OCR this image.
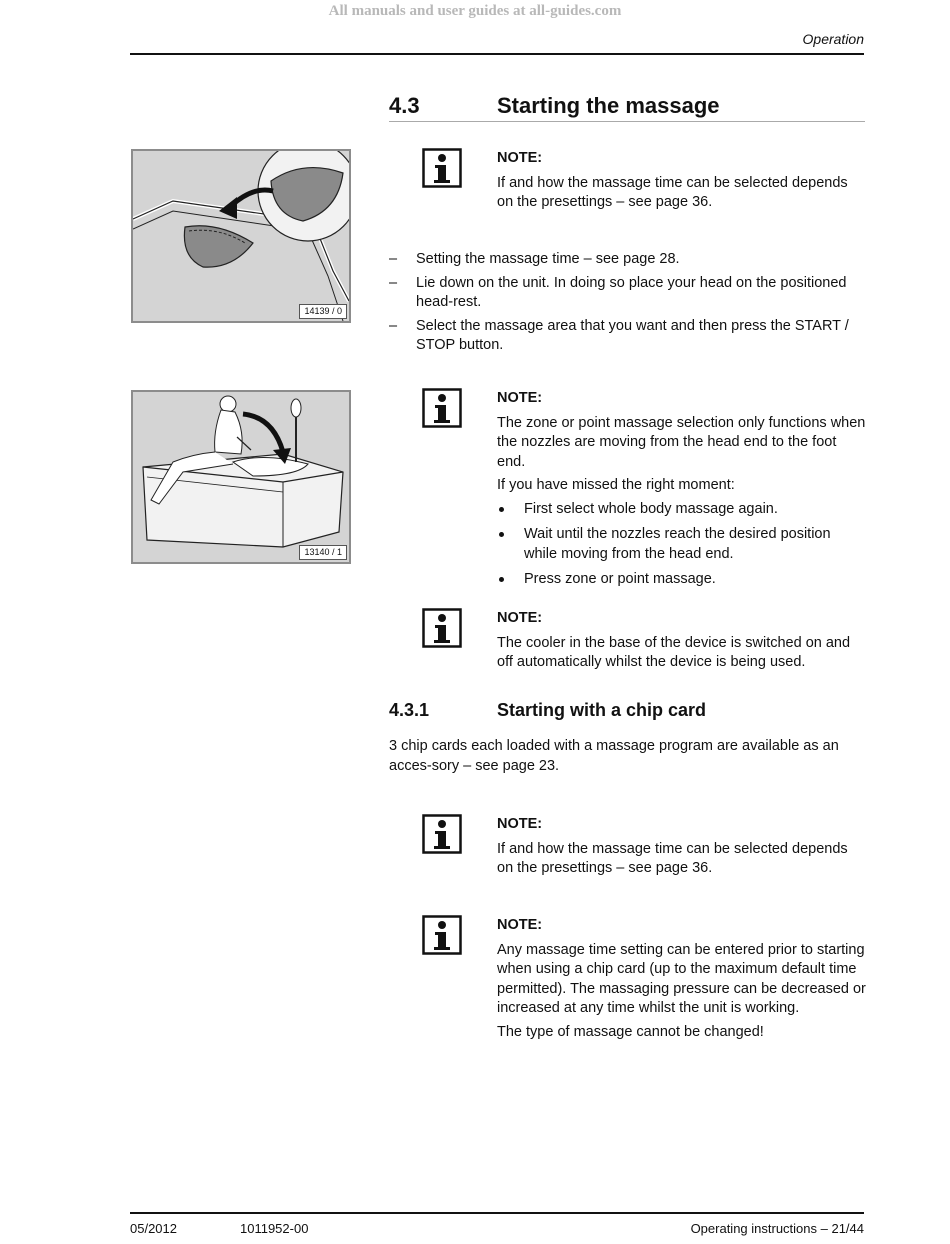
All manuals and user guides at all-guides.com
Operation
4.3	Starting the massage
14139 / 0
NOTE:

If and how the massage time can be selected depends on the presettings – see page 36.

– Setting the massage time – see page 28.
– Lie down on the unit. In doing so place your head on the positioned head-rest.
– Select the massage area that you want and then press the START / STOP button.
13140 / 1
NOTE:

The zone or point massage selection only functions when the nozzles are moving from the head end to the foot end.

If you have missed the right moment:

First select whole body massage again.
Wait until the nozzles reach the desired position while moving from the head end.
Press zone or point massage.
NOTE:

The cooler in the base of the device is switched on and off automatically whilst the device is being used.

4.3.1	Starting with a chip card
3 chip cards each loaded with a massage program are available as an acces-sory – see page 23.
NOTE:

If and how the massage time can be selected depends on the presettings – see page 36.

NOTE:

Any massage time setting can be entered prior to starting when using a chip card (up to the maximum default time permitted). The massaging pressure can be decreased or increased at any time whilst the unit is working.

The type of massage cannot be changed!

05/2012	1011952-00	Operating instructions – 21/44
